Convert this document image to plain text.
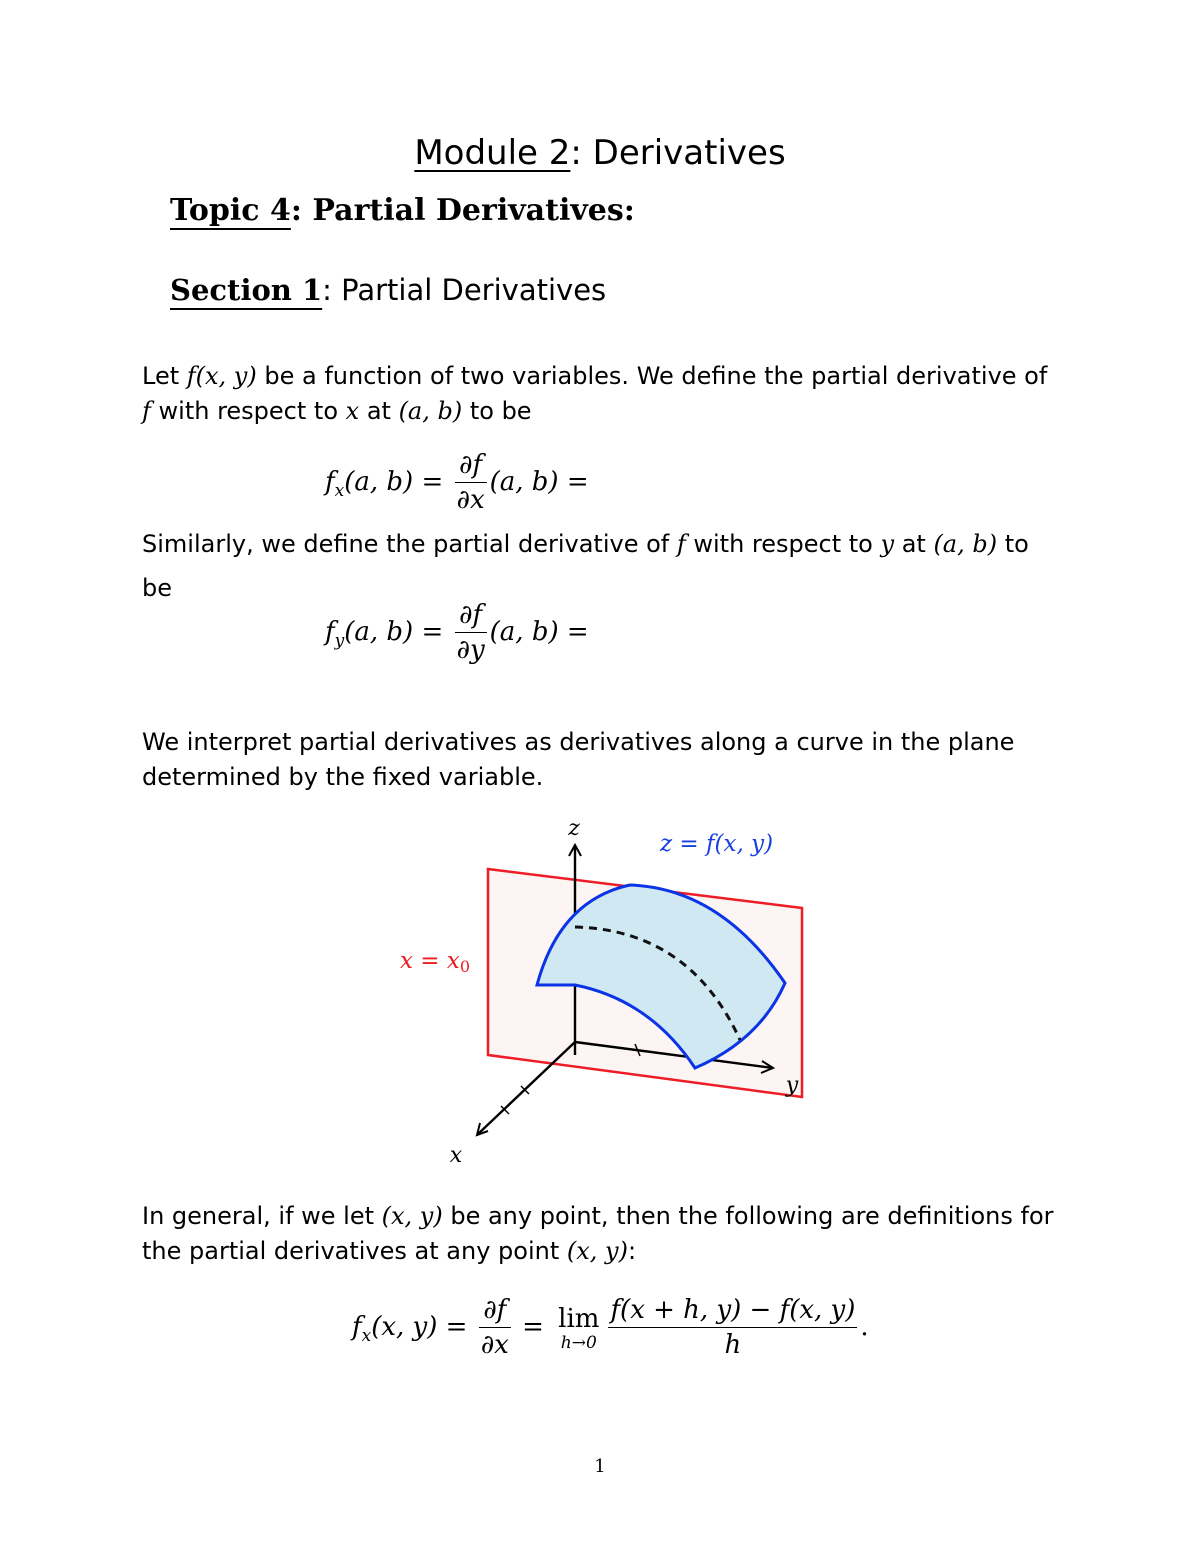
Module 2: Derivatives
Topic 4: Partial Derivatives:
Section 1: Partial Derivatives
Let f(x, y) be a function of two variables. We define the partial derivative of f with respect to x at (a, b) to be
$f_x(a$, $b) = \frac{\partial f}{\partial x} (a$, b) =
Similarly, we define the partial derivative of f with respect to y at (a, b) to
be
$f_y(a$, $b) = \frac{\partial f}{\partial y} (a$, b) =
We interpret partial derivatives as derivatives along a curve in the plane determined by the fixed variable.
z
y
x
z = f(x, y)
x = x0
In general, if we let (x, y) be any point, then the following are definitions for the partial derivatives at any point (x, y):
$f_x(x$, $y) = \frac{\partial f}{\partial x} = \lim$
$h\to 0 \frac{f(x + h, y) - f(x, y)}{h}$ .
1
